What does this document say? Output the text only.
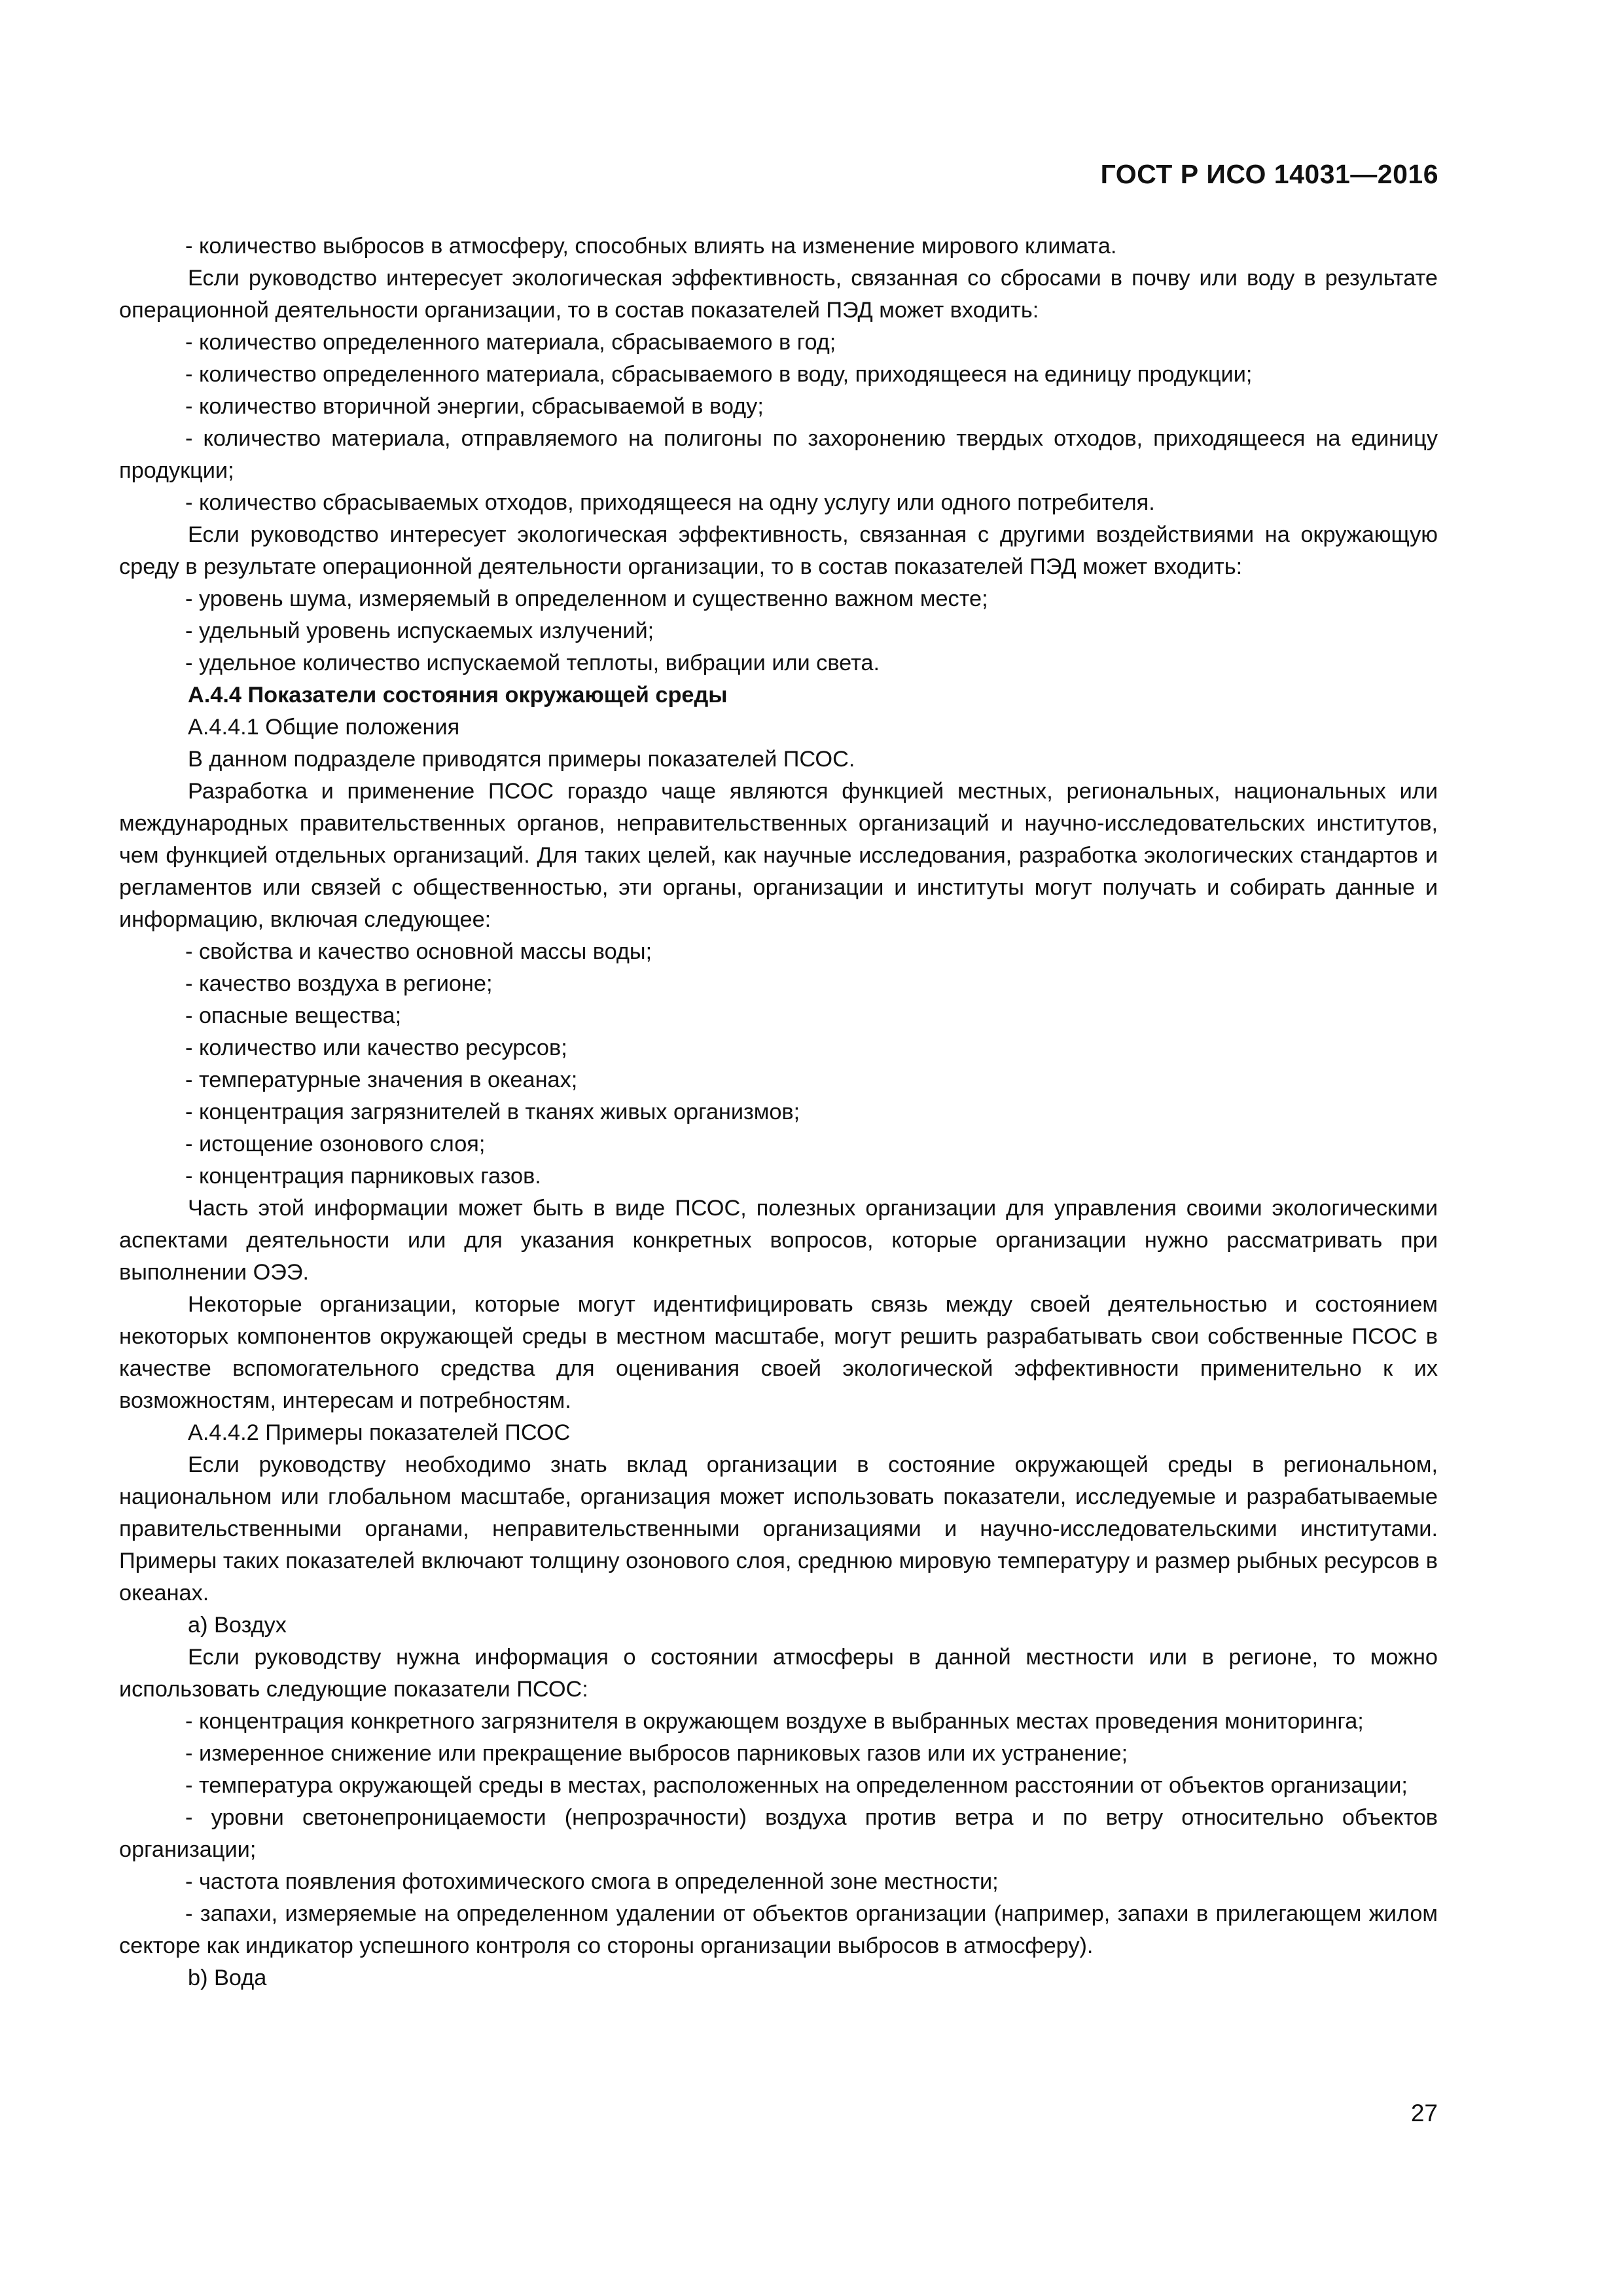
ГОСТ Р ИСО 14031—2016

- количество выбросов в атмосферу, способных влиять на изменение мирового климата.

Если руководство интересует экологическая эффективность, связанная со сбросами в почву или воду в результате операционной деятельности организации, то в состав показателей ПЭД может входить:

- количество определенного материала, сбрасываемого в год;

- количество определенного материала, сбрасываемого в воду, приходящееся на единицу продукции;

- количество вторичной энергии, сбрасываемой в воду;

- количество материала, отправляемого на полигоны по захоронению твердых отходов, приходящееся на единицу продукции;

- количество сбрасываемых отходов, приходящееся на одну услугу или одного потребителя.

Если руководство интересует экологическая эффективность, связанная с другими воздействиями на окружающую среду в результате операционной деятельности организации, то в состав показателей ПЭД может входить:

- уровень шума, измеряемый в определенном и существенно важном месте;

- удельный уровень испускаемых излучений;

- удельное количество испускаемой теплоты, вибрации или света.

А.4.4 Показатели состояния окружающей среды

А.4.4.1 Общие положения

В данном подразделе приводятся примеры показателей ПСОС.

Разработка и применение ПСОС гораздо чаще являются функцией местных, региональных, национальных или международных правительственных органов, неправительственных организаций и научно-исследовательских институтов, чем функцией отдельных организаций. Для таких целей, как научные исследования, разработка экологических стандартов и регламентов или связей с общественностью, эти органы, организации и институты могут получать и собирать данные и информацию, включая следующее:

- свойства и качество основной массы воды;

- качество воздуха в регионе;

- опасные вещества;

- количество или качество ресурсов;

- температурные значения в океанах;

- концентрация загрязнителей в тканях живых организмов;

- истощение озонового слоя;

- концентрация парниковых газов.

Часть этой информации может быть в виде ПСОС, полезных организации для управления своими экологическими аспектами деятельности или для указания конкретных вопросов, которые организации нужно рассматривать при выполнении ОЭЭ.

Некоторые организации, которые могут идентифицировать связь между своей деятельностью и состоянием некоторых компонентов окружающей среды в местном масштабе, могут решить разрабатывать свои собственные ПСОС в качестве вспомогательного средства для оценивания своей экологической эффективности применительно к их возможностям, интересам и потребностям.

А.4.4.2 Примеры показателей ПСОС

Если руководству необходимо знать вклад организации в состояние окружающей среды в региональном, национальном или глобальном масштабе, организация может использовать показатели, исследуемые и разрабатываемые правительственными органами, неправительственными организациями и научно-исследовательскими институтами. Примеры таких показателей включают толщину озонового слоя, среднюю мировую температуру и размер рыбных ресурсов в океанах.

a) Воздух

Если руководству нужна информация о состоянии атмосферы в данной местности или в регионе, то можно использовать следующие показатели ПСОС:

- концентрация конкретного загрязнителя в окружающем воздухе в выбранных местах проведения мониторинга;

- измеренное снижение или прекращение выбросов парниковых газов или их устранение;

- температура окружающей среды в местах, расположенных на определенном расстоянии от объектов организации;

- уровни светонепроницаемости (непрозрачности) воздуха против ветра и по ветру относительно объектов организации;

- частота появления фотохимического смога в определенной зоне местности;

- запахи, измеряемые на определенном удалении от объектов организации (например, запахи в прилегающем жилом секторе как индикатор успешного контроля со стороны организации выбросов в атмосферу).

b) Вода

27
